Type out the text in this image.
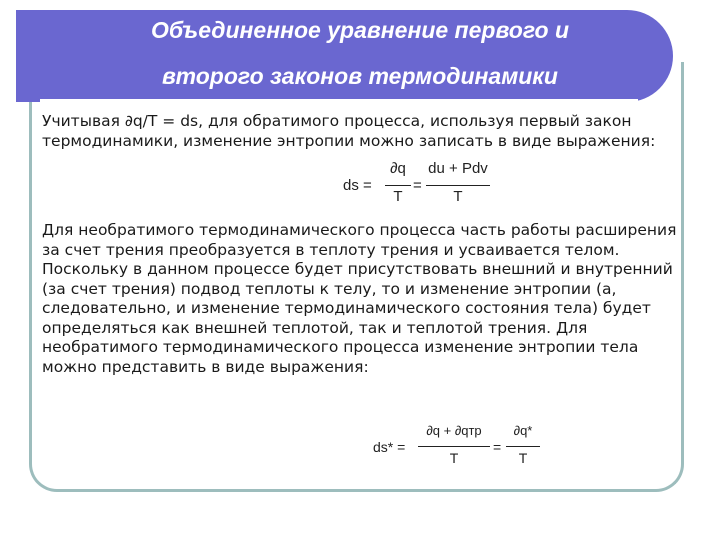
Объединенное уравнение первого и
второго законов термодинамики

Учитывая ∂q/T = ds, для обратимого процесса, используя первый закон термодинамики, изменение энтропии можно записать в виде выражения:

ds =
∂q
T
=
du + Pdv
T

Для необратимого термодинамического процесса часть работы расширения за счет трения преобразуется в теплоту трения и усваивается телом. Поскольку в данном процессе будет присутствовать внешний и внутренний (за счет трения) подвод теплоты к телу, то и изменение энтропии (а, следовательно, и изменение термодинамического состояния тела) будет определяться как внешней теплотой, так и теплотой трения. Для необратимого термодинамического процесса изменение энтропии тела можно представить в виде выражения:

ds* =
∂q + ∂qтр
T
=
∂q*
T
